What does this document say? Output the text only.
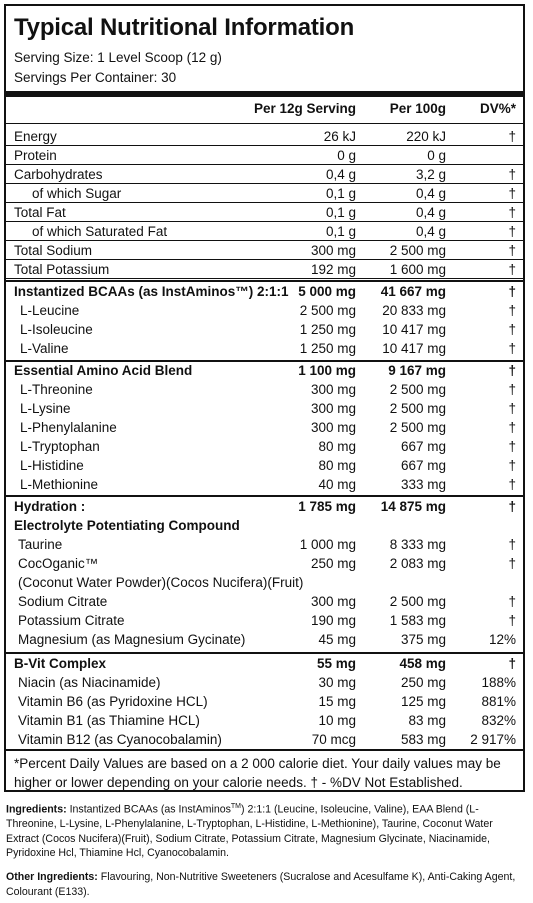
Typical Nutritional Information
Serving Size: 1 Level Scoop (12 g)
Servings Per Container: 30
Per 12g Serving Per 100g	DV%*
Energy	26 kJ	220 kJ	†
Protein	0 g	0 g
Carbohydrates	0,4 g	3,2 g	†
of which Sugar	0,1 g	0,4 g	†
Total Fat	0,1 g	0,4 g	†
of which Saturated Fat	0,1 g	0,4 g	†
Total Sodium	300 mg 2 500 mg	†
Total Potassium	192 mg 1 600 mg	†
Instantized BCAAs (as InstAminos™) 2:1:1 5 000 mg 41 667 mg	†
L-Leucine	2 500 mg 20 833 mg	†
L-Isoleucine	1 250 mg 10 417 mg	†
L-Valine	1 250 mg 10 417 mg	†
Essential Amino Acid Blend	1 100 mg 9 167 mg	†
L-Threonine	300 mg 2 500 mg	†
L-Lysine	300 mg 2 500 mg	†
L-Phenylalanine	300 mg 2 500 mg	†
L-Tryptophan	80 mg	667 mg	†
L-Histidine	80 mg	667 mg	†
L-Methionine	40 mg	333 mg	†
Hydration :	1 785 mg 14 875 mg	†
Electrolyte Potentiating Compound
Taurine	1 000 mg 8 333 mg	†
CocOganic™	250 mg 2 083 mg	†
(Coconut Water Powder)(Cocos Nucifera)(Fruit)
Sodium Citrate	300 mg 2 500 mg	†
Potassium Citrate	190 mg 1 583 mg	†
Magnesium (as Magnesium Gycinate)	45 mg	375 mg	12%
B-Vit Complex	55 mg	458 mg	†
Niacin (as Niacinamide)	30 mg	250 mg	188%
Vitamin B6 (as Pyridoxine HCL)	15 mg	125 mg	881%
Vitamin B1 (as Thiamine HCL)	10 mg	83 mg	832%
Vitamin B12 (as Cyanocobalamin)	70 mcg	583 mg 2 917%
*Percent Daily Values are based on a 2 000 calorie diet. Your daily values may be higher or lower depending on your calorie needs. † - %DV Not Established.
Ingredients: Instantized BCAAs (as InstAminos™) 2:1:1 (Leucine, Isoleucine, Valine), EAA Blend (L-Threonine, L-Lysine, L-Phenylalanine, L-Tryptophan, L-Histidine, L-Methionine), Taurine, Coconut Water Extract (Cocos Nucifera)(Fruit), Sodium Citrate, Potassium Citrate, Magnesium Glycinate, Niacinamide, Pyridoxine Hcl, Thiamine Hcl, Cyanocobalamin.
Other Ingredients: Flavouring, Non-Nutritive Sweeteners (Sucralose and Acesulfame K), Anti-Caking Agent, Colourant (E133).
